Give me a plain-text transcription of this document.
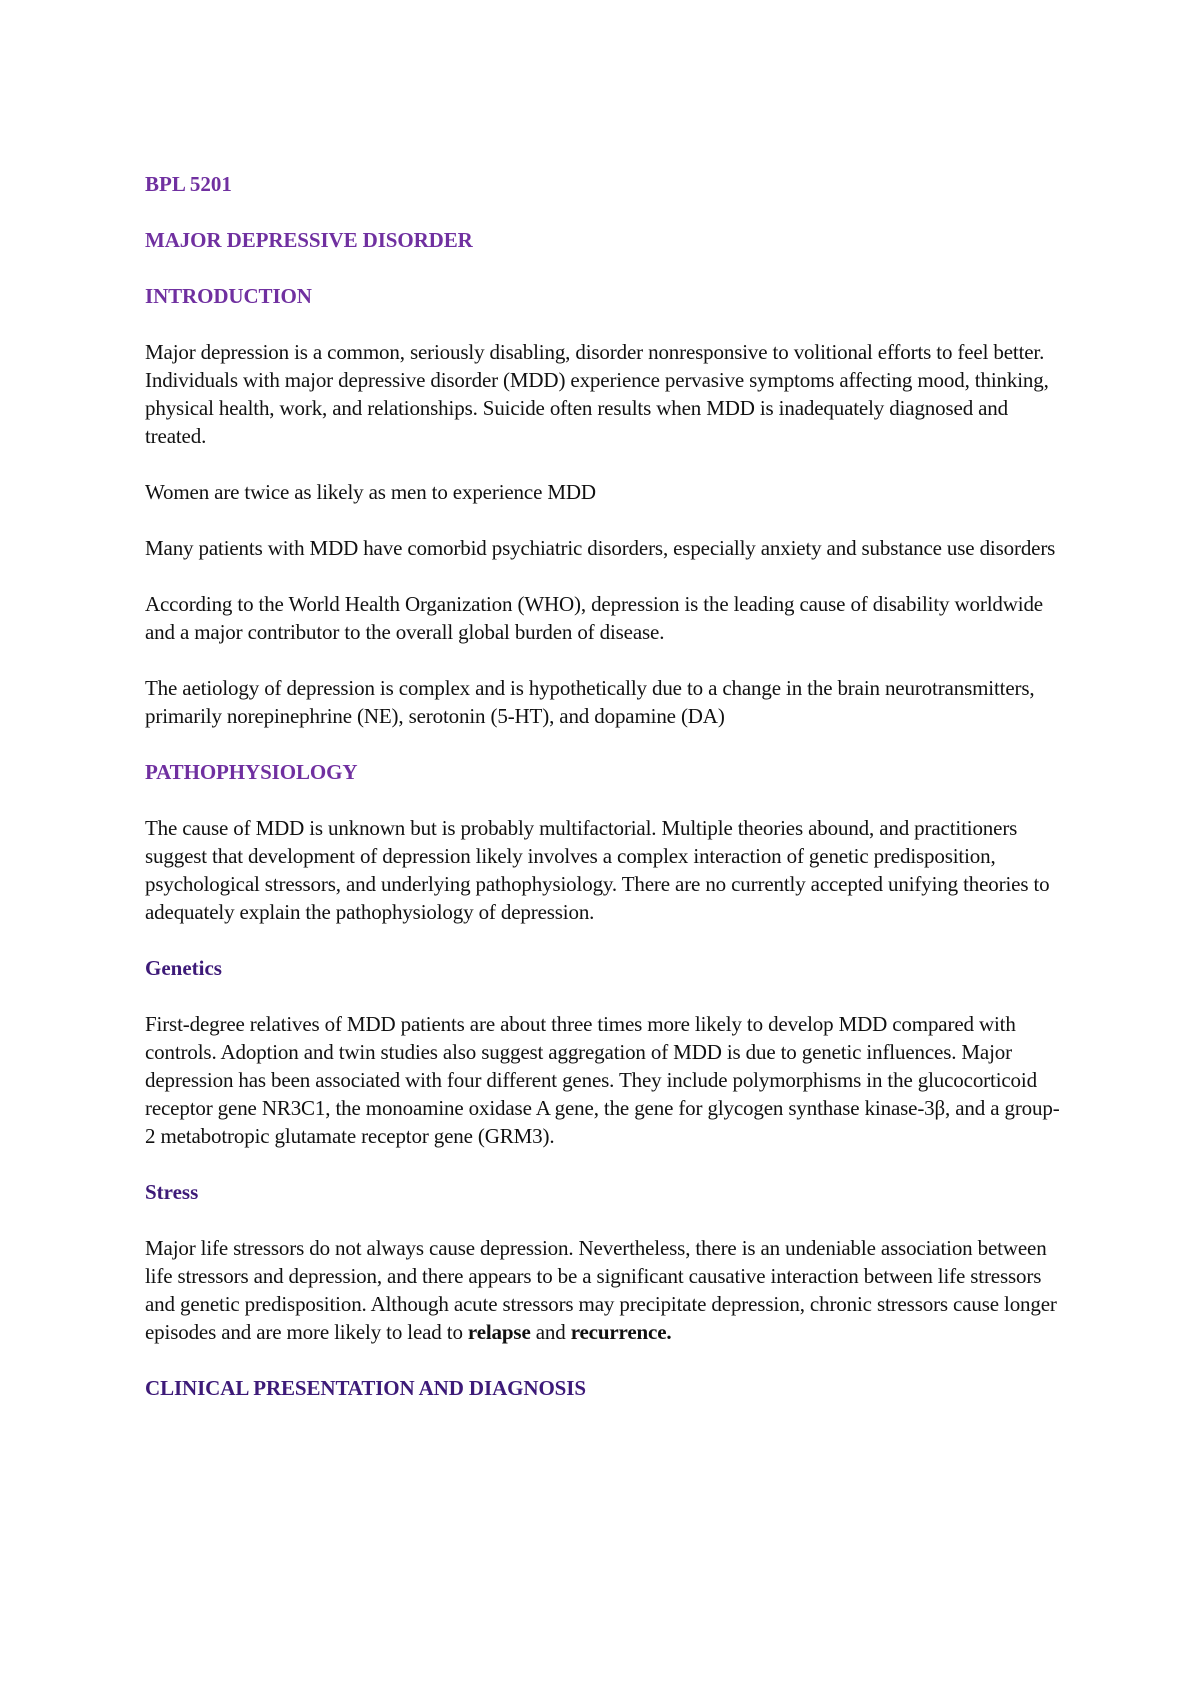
BPL 5201
MAJOR DEPRESSIVE DISORDER
INTRODUCTION

Major depression is a common, seriously disabling, disorder nonresponsive to volitional efforts to feel better. Individuals with major depressive disorder (MDD) experience pervasive symptoms affecting mood, thinking, physical health, work, and relationships. Suicide often results when MDD is inadequately diagnosed and treated.

Women are twice as likely as men to experience MDD

Many patients with MDD have comorbid psychiatric disorders, especially anxiety and substance use disorders

According to the World Health Organization (WHO), depression is the leading cause of disability worldwide and a major contributor to the overall global burden of disease.

The aetiology of depression is complex and is hypothetically due to a change in the brain neurotransmitters, primarily norepinephrine (NE), serotonin (5-HT), and dopamine (DA)

PATHOPHYSIOLOGY

The cause of MDD is unknown but is probably multifactorial. Multiple theories abound, and practitioners suggest that development of depression likely involves a complex interaction of genetic predisposition, psychological stressors, and underlying pathophysiology. There are no currently accepted unifying theories to adequately explain the pathophysiology of depression.

Genetics

First-degree relatives of MDD patients are about three times more likely to develop MDD compared with controls. Adoption and twin studies also suggest aggregation of MDD is due to genetic influences. Major depression has been associated with four different genes. They include polymorphisms in the glucocorticoid receptor gene NR3C1, the monoamine oxidase A gene, the gene for glycogen synthase kinase-3β, and a group-2 metabotropic glutamate receptor gene (GRM3).

Stress

Major life stressors do not always cause depression. Nevertheless, there is an undeniable association between life stressors and depression, and there appears to be a significant causative interaction between life stressors and genetic predisposition. Although acute stressors may precipitate depression, chronic stressors cause longer episodes and are more likely to lead to relapse and recurrence.

CLINICAL PRESENTATION AND DIAGNOSIS
